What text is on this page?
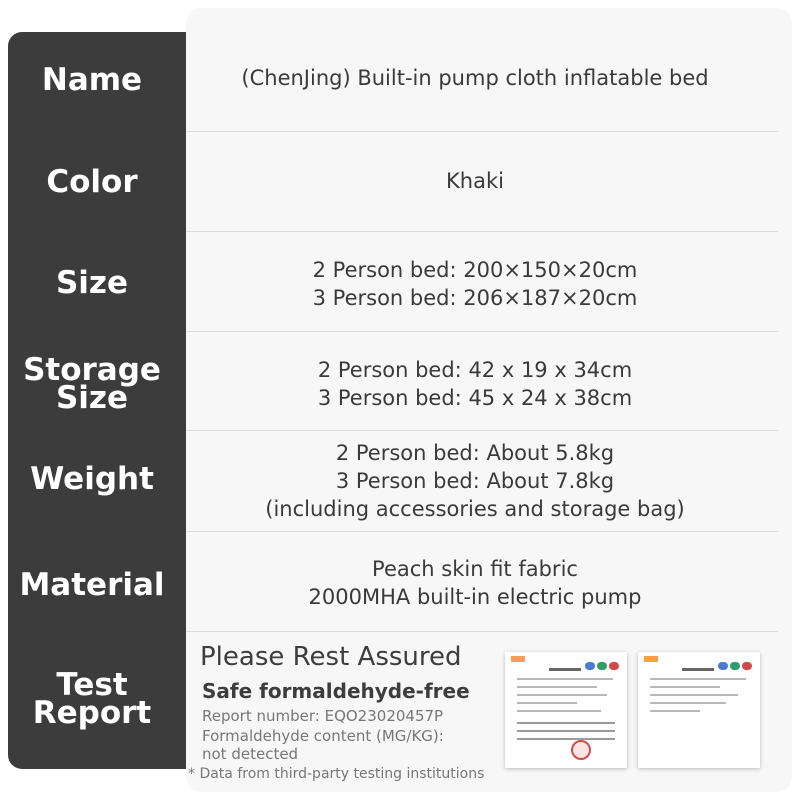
Name
Color
Size
Storage
Size
Weight
Material
Test
Report
(ChenJing) Built-in pump cloth inflatable bed
Khaki
2 Person bed: 200×150×20cm
3 Person bed: 206×187×20cm
2 Person bed: 42 x 19 x 34cm
3 Person bed: 45 x 24 x 38cm
2 Person bed: About 5.8kg
3 Person bed: About 7.8kg
(including accessories and storage bag)
Peach skin fit fabric
2000MHA built-in electric pump
Please Rest Assured
Safe formaldehyde-free
Report number: EQO23020457P
Formaldehyde content (MG/KG):
not detected
* Data from third-party testing institutions
